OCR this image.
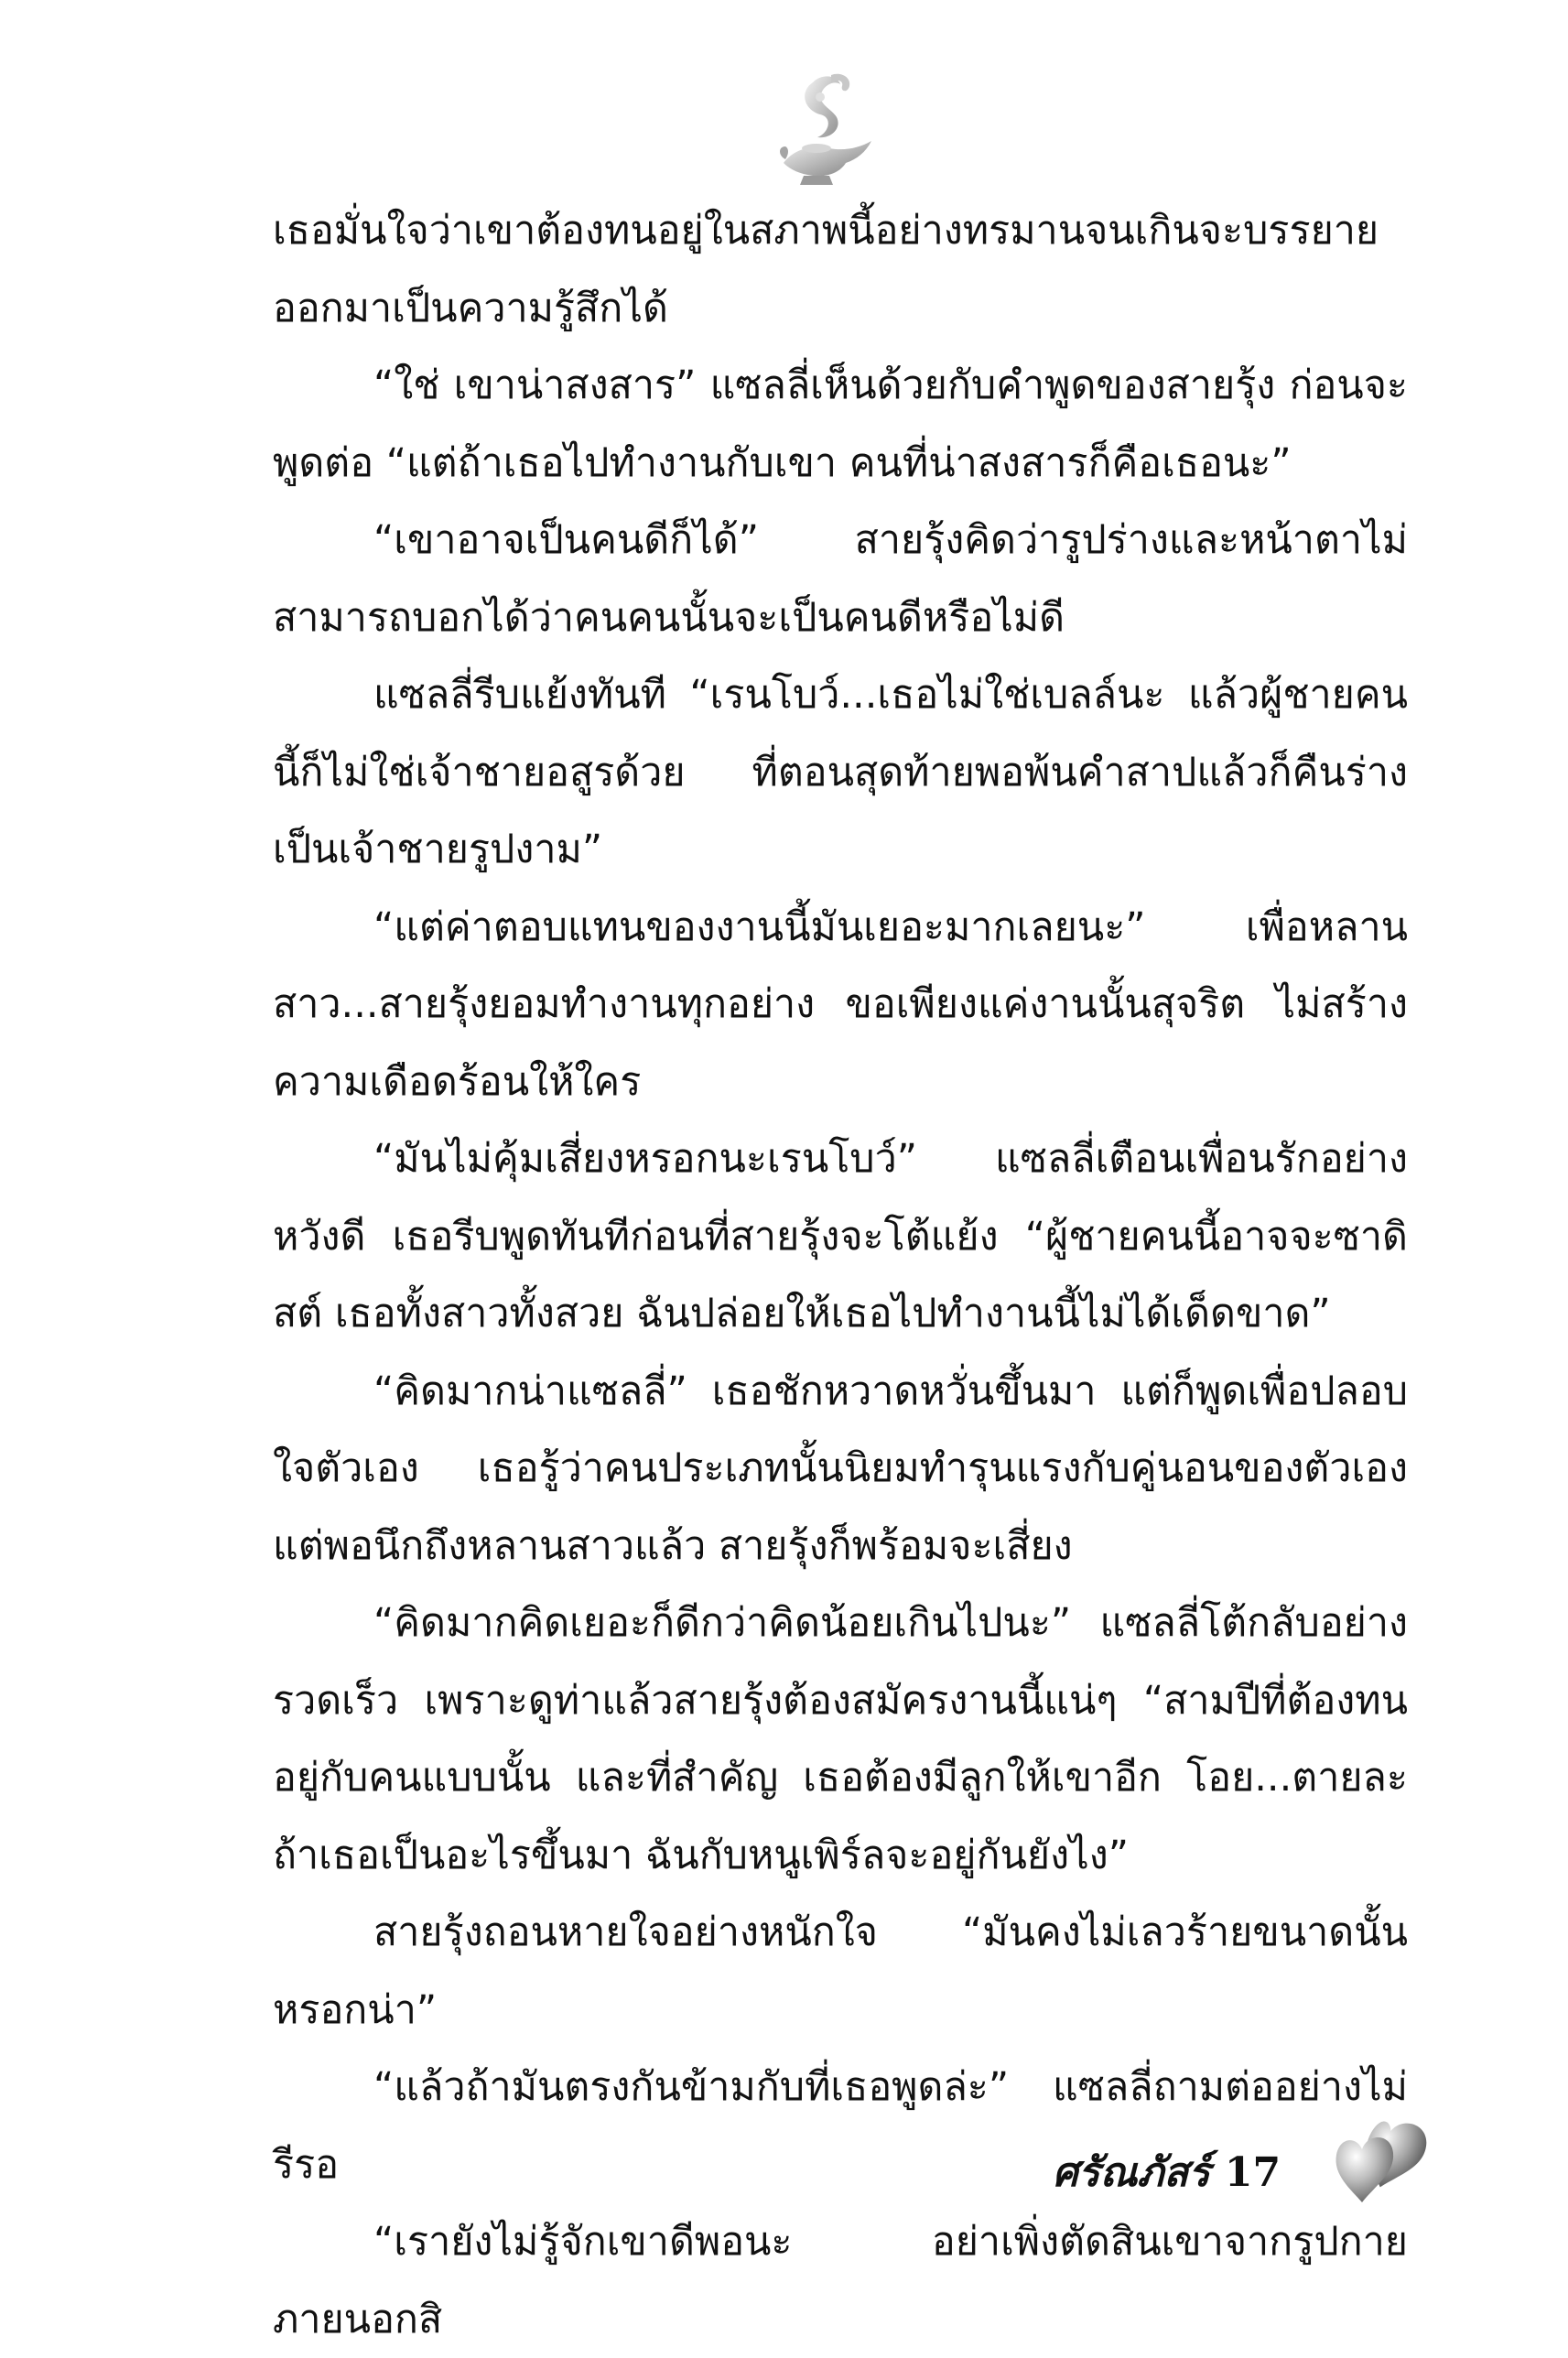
เธอมั่นใจว่าเขาต้องทนอยู่ในสภาพนี้อย่างทรมานจนเกินจะบรรยายออกมาเป็นความรู้สึกได้

“ใช่ เขาน่าสงสาร” แซลลี่เห็นด้วยกับคำพูดของสายรุ้ง ก่อนจะพูดต่อ “แต่ถ้าเธอไปทำงานกับเขา คนที่น่าสงสารก็คือเธอนะ”

“เขาอาจเป็นคนดีก็ได้” สายรุ้งคิดว่ารูปร่างและหน้าตาไม่สามารถบอกได้ว่าคนคนนั้นจะเป็นคนดีหรือไม่ดี

แซลลี่รีบแย้งทันที “เรนโบว์...เธอไม่ใช่เบลล์นะ แล้วผู้ชายคนนี้ก็ไม่ใช่เจ้าชายอสูรด้วย ที่ตอนสุดท้ายพอพ้นคำสาปแล้วก็คืนร่างเป็นเจ้าชายรูปงาม”

“แต่ค่าตอบแทนของงานนี้มันเยอะมากเลยนะ” เพื่อหลานสาว...สายรุ้งยอมทำงานทุกอย่าง ขอเพียงแค่งานนั้นสุจริต ไม่สร้างความเดือดร้อนให้ใคร

“มันไม่คุ้มเสี่ยงหรอกนะเรนโบว์” แซลลี่เตือนเพื่อนรักอย่างหวังดี เธอรีบพูดทันทีก่อนที่สายรุ้งจะโต้แย้ง “ผู้ชายคนนี้อาจจะซาดิสต์ เธอทั้งสาวทั้งสวย ฉันปล่อยให้เธอไปทำงานนี้ไม่ได้เด็ดขาด”

“คิดมากน่าแซลลี่” เธอชักหวาดหวั่นขึ้นมา แต่ก็พูดเพื่อปลอบใจตัวเอง เธอรู้ว่าคนประเภทนั้นนิยมทำรุนแรงกับคู่นอนของตัวเอง แต่พอนึกถึงหลานสาวแล้ว สายรุ้งก็พร้อมจะเสี่ยง

“คิดมากคิดเยอะก็ดีกว่าคิดน้อยเกินไปนะ” แซลลี่โต้กลับอย่างรวดเร็ว เพราะดูท่าแล้วสายรุ้งต้องสมัครงานนี้แน่ๆ “สามปีที่ต้องทนอยู่กับคนแบบนั้น และที่สำคัญ เธอต้องมีลูกให้เขาอีก โอย...ตายละถ้าเธอเป็นอะไรขึ้นมา ฉันกับหนูเพิร์ลจะอยู่กันยังไง”

สายรุ้งถอนหายใจอย่างหนักใจ “มันคงไม่เลวร้ายขนาดนั้นหรอกน่า”

“แล้วถ้ามันตรงกันข้ามกับที่เธอพูดล่ะ” แซลลี่ถามต่ออย่างไม่รีรอ

“เรายังไม่รู้จักเขาดีพอนะ อย่าเพิ่งตัดสินเขาจากรูปกายภายนอกสิ

ศรัณภัสร์ 17
